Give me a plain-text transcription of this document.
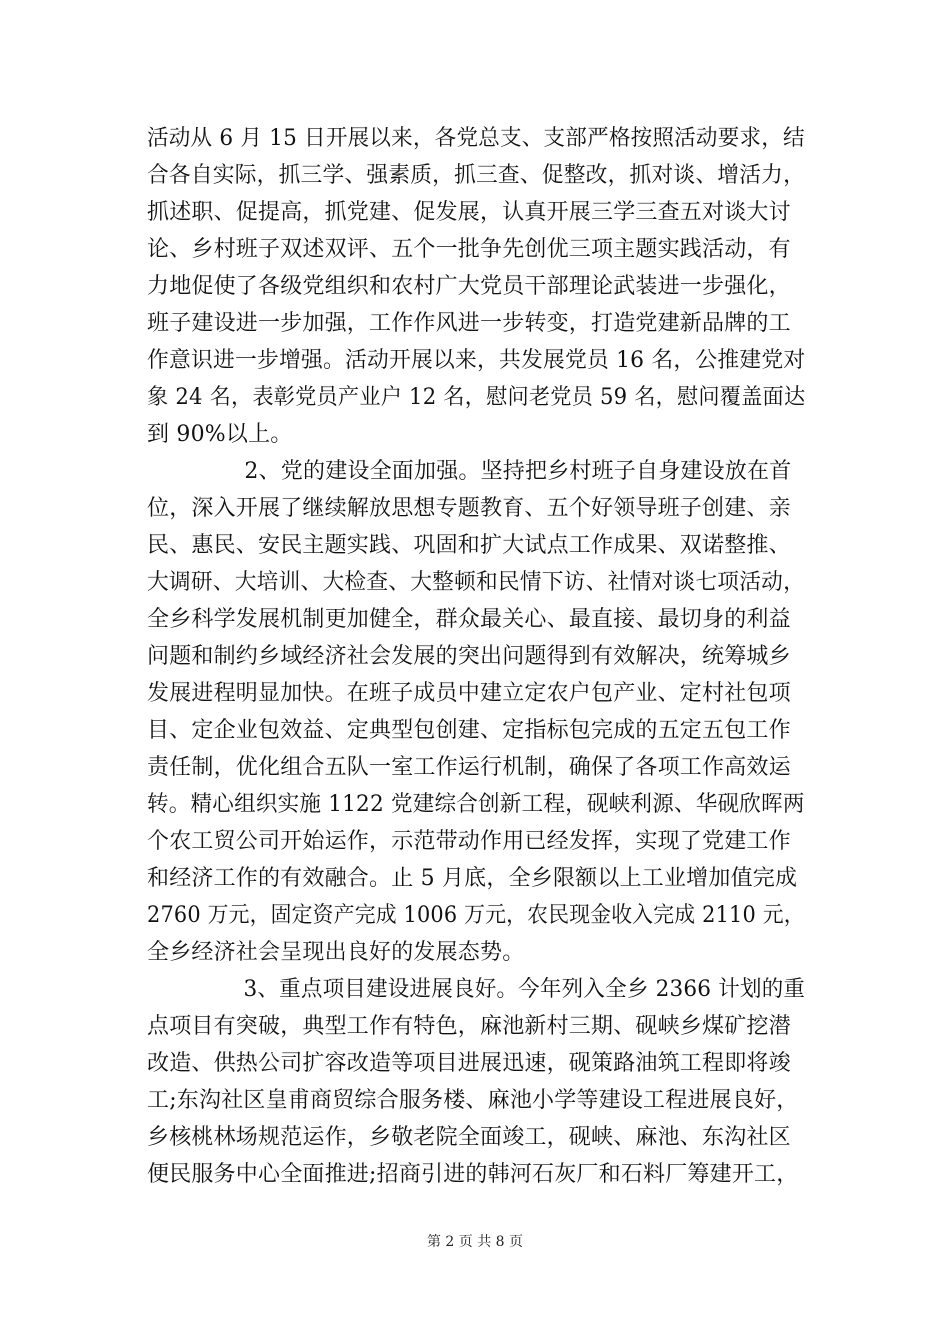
活动从 6 月 15 日开展以来，各党总支、支部严格按照活动要求，结
合各自实际，抓三学、强素质，抓三查、促整改，抓对谈、增活力，
抓述职、促提高，抓党建、促发展，认真开展三学三查五对谈大讨
论、乡村班子双述双评、五个一批争先创优三项主题实践活动，有
力地促使了各级党组织和农村广大党员干部理论武装进一步强化，
班子建设进一步加强，工作作风进一步转变，打造党建新品牌的工
作意识进一步增强。活动开展以来，共发展党员 16 名，公推建党对
象 24 名，表彰党员产业户 12 名，慰问老党员 59 名，慰问覆盖面达
到 90%以上。
　　2、党的建设全面加强。坚持把乡村班子自身建设放在首
位，深入开展了继续解放思想专题教育、五个好领导班子创建、亲
民、惠民、安民主题实践、巩固和扩大试点工作成果、双诺整推、
大调研、大培训、大检查、大整顿和民情下访、社情对谈七项活动，
全乡科学发展机制更加健全，群众最关心、最直接、最切身的利益
问题和制约乡域经济社会发展的突出问题得到有效解决，统筹城乡
发展进程明显加快。在班子成员中建立定农户包产业、定村社包项
目、定企业包效益、定典型包创建、定指标包完成的五定五包工作
责任制，优化组合五队一室工作运行机制，确保了各项工作高效运
转。精心组织实施 1122 党建综合创新工程，砚峡利源、华砚欣晖两
个农工贸公司开始运作，示范带动作用已经发挥，实现了党建工作
和经济工作的有效融合。止 5 月底，全乡限额以上工业增加值完成
2760 万元，固定资产完成 1006 万元，农民现金收入完成 2110 元，
全乡经济社会呈现出良好的发展态势。
　　3、重点项目建设进展良好。今年列入全乡 2366 计划的重
点项目有突破，典型工作有特色，麻池新村三期、砚峡乡煤矿挖潜
改造、供热公司扩容改造等项目进展迅速，砚策路油筑工程即将竣
工;东沟社区皇甫商贸综合服务楼、麻池小学等建设工程进展良好，
乡核桃林场规范运作，乡敬老院全面竣工，砚峡、麻池、东沟社区
便民服务中心全面推进;招商引进的韩河石灰厂和石料厂筹建开工，
第 2 页 共 8 页
